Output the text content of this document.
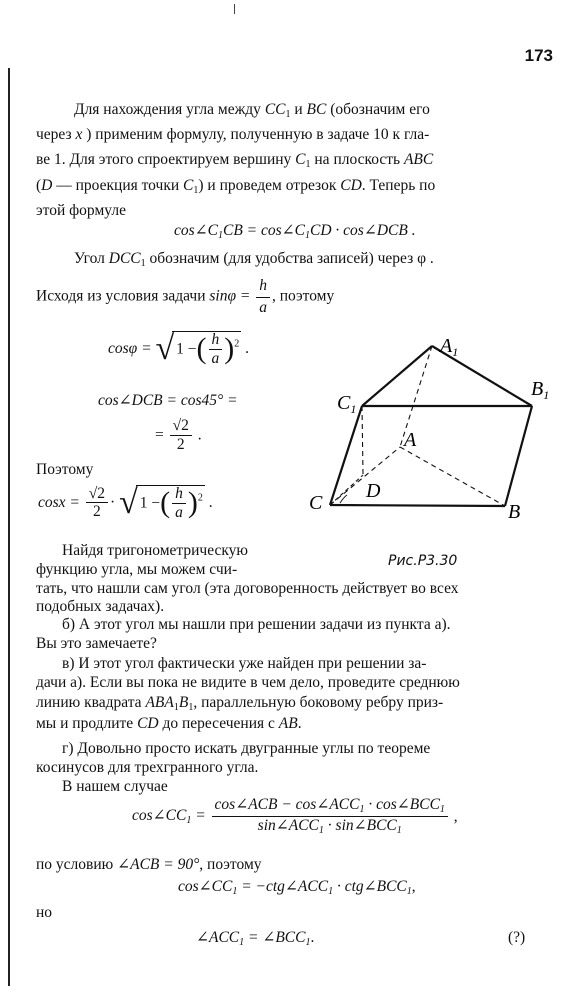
173
Для нахождения угла между $CC_1$ и BC (обозначим его
через x ) применим формулу, полученную в задаче 10 к гла-
ве 1. Для этого спроектируем вершину $C_1$ на плоскость ABC
(D — проекция точки $C_1$) и проведем отрезок CD. Теперь по
этой формуле
$\cos\angle C_1CB$ = $\cos\angle C_1CD$ · cos∠DCB .
Угол $DCC_1$ обозначим (для удобства записей) через φ .
Исходя из условия задачи $\sin\varphi = \frac{h}{a}$ , поэтому
cosφ = √ 1 −( $\frac{h}{a} )^2$ .
cos∠DCB = cos45° =
= $\frac{√2}{2}$ .
Поэтому
$\cos x = \frac{√2}{2}$ · √ 1 −( $\frac{h}{a} )^2$ .
$A_1$
$B_1$
$C_1$
A
D
C	B
Рис.Р3.30
Найдя тригонометрическую
функцию угла, мы можем счи-
тать, что нашли сам угол (эта договоренность действует во всех
подобных задачах).
б) А этот угол мы нашли при решении задачи из пункта а).
Вы это замечаете?
в) И этот угол фактически уже найден при решении за-
дачи а). Если вы пока не видите в чем дело, проведите среднюю
линию квадрата $ABA_1B_1$, параллельную боковому ребру приз-
мы и продлите CD до пересечения с AB.
г) Довольно просто искать двугранные углы по теореме
косинусов для трехгранного угла.
В нашем случае
$\cos\angle CC_1 = \frac{\cos\angle ACB - \cos\angle ACC_1 \cdot \cos\angle BCC_1}{\sin\angle ACC_1 \cdot \sin\angle BCC_1}$ ,
по условию ∠ACB = 90°, поэтому
$\cos\angle CC_1$ = $-ctg\angle ACC_1$ · $ctg\angle BCC_1$,
но
$\angle ACC_1$ = $\angle BCC_1$.	(?)
